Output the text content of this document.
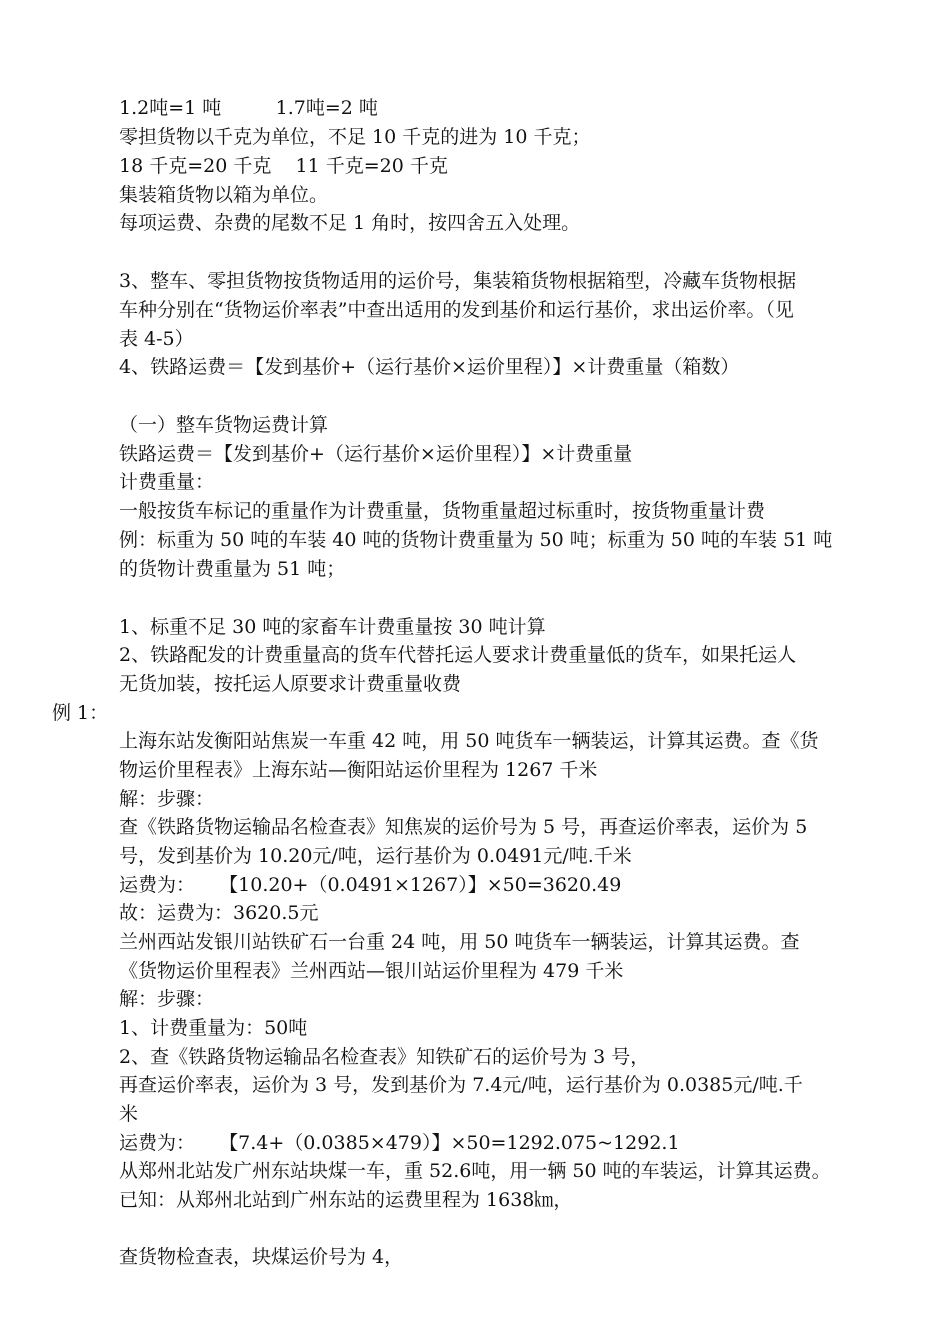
1.2吨=1 吨         1.7吨=2 吨
零担货物以千克为单位，不足 10 千克的进为 10 千克；
18 千克=20 千克    11 千克=20 千克
集装箱货物以箱为单位。
每项运费、杂费的尾数不足 1 角时，按四舍五入处理。
3、整车、零担货物按货物适用的运价号，集装箱货物根据箱型，冷藏车货物根据
车种分别在“货物运价率表”中查出适用的发到基价和运行基价，求出运价率。（见
表 4-5）
4、铁路运费＝【发到基价+（运行基价×运价里程）】×计费重量（箱数）
（一）整车货物运费计算
铁路运费＝【发到基价+（运行基价×运价里程）】×计费重量
计费重量：
一般按货车标记的重量作为计费重量，货物重量超过标重时，按货物重量计费
例：标重为 50 吨的车装 40 吨的货物计费重量为 50 吨；标重为 50 吨的车装 51 吨
的货物计费重量为 51 吨；
1、标重不足 30 吨的家畜车计费重量按 30 吨计算
2、铁路配发的计费重量高的货车代替托运人要求计费重量低的货车，如果托运人
无货加装，按托运人原要求计费重量收费
例 1：
上海东站发衡阳站焦炭一车重 42 吨，用 50 吨货车一辆装运，计算其运费。查《货
物运价里程表》上海东站—衡阳站运价里程为 1267 千米
解：步骤：
查《铁路货物运输品名检查表》知焦炭的运价号为 5 号，再查运价率表，运价为 5
号，发到基价为 10.20元/吨，运行基价为 0.0491元/吨.千米
运费为：    【10.20+（0.0491×1267）】×50=3620.49
故：运费为：3620.5元
兰州西站发银川站铁矿石一台重 24 吨，用 50 吨货车一辆装运，计算其运费。查
《货物运价里程表》兰州西站—银川站运价里程为 479 千米
解：步骤：
1、计费重量为：50吨
2、查《铁路货物运输品名检查表》知铁矿石的运价号为 3 号，
再查运价率表，运价为 3 号，发到基价为 7.4元/吨，运行基价为 0.0385元/吨.千
米
运费为：    【7.4+（0.0385×479）】×50=1292.075~1292.1
从郑州北站发广州东站块煤一车，重 52.6吨，用一辆 50 吨的车装运，计算其运费。
已知：从郑州北站到广州东站的运费里程为 1638㎞，
查货物检查表，块煤运价号为 4，
